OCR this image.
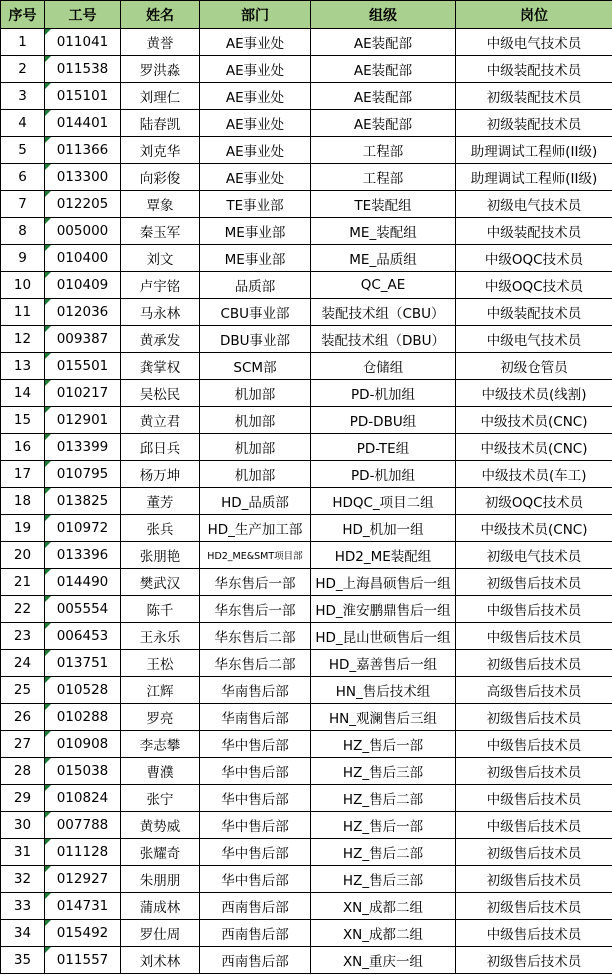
序号	工号	姓名	部门	组级	岗位
1	011041	黄誉	AE事业处	AE装配部	中级电气技术员
2	011538	罗洪淼	AE事业处	AE装配部	中级装配技术员
3	015101	刘理仁	AE事业处	AE装配部	初级装配技术员
4	014401	陆春凯	AE事业处	AE装配部	初级装配技术员
5	011366	刘克华	AE事业处	工程部	助理调试工程师(II级)
6	013300	向彩俊	AE事业处	工程部	助理调试工程师(II级)
7	012205	覃象	TE事业部	TE装配组	初级电气技术员
8	005000	秦玉军	ME事业部	ME_装配组	中级装配技术员
9	010400	刘文	ME事业部	ME_品质组	中级OQC技术员
10	010409	卢宇铭	品质部	QC_AE	中级OQC技术员
11	012036	马永林	CBU事业部	装配技术组（CBU）	中级装配技术员
12	009387	黄承发	DBU事业部	装配技术组（DBU）	中级电气技术员
13	015501	龚掌权	SCM部	仓储组	初级仓管员
14	010217	吴松民	机加部	PD-机加组	中级技术员(线割)
15	012901	黄立君	机加部	PD-DBU组	中级技术员(CNC)
16	013399	邱日兵	机加部	PD-TE组	中级技术员(CNC)
17	010795	杨万坤	机加部	PD-机加组	中级技术员(车工)
18	013825	董芳	HD_品质部	HDQC_项目二组	初级OQC技术员
19	010972	张兵	HD_生产加工部	HD_机加一组	中级技术员(CNC)
20	013396	张朋艳	HD2_ME&SMT项目部	HD2_ME装配组	初级电气技术员
21	014490	樊武汉	华东售后一部	HD_上海昌硕售后一组	初级售后技术员
22	005554	陈千	华东售后一部	HD_淮安鹏鼎售后一组	中级售后技术员
23	006453	王永乐	华东售后二部	HD_昆山世硕售后一组	中级售后技术员
24	013751	王松	华东售后二部	HD_嘉善售后一组	初级售后技术员
25	010528	江辉	华南售后部	HN_售后技术组	高级售后技术员
26	010288	罗亮	华南售后部	HN_观澜售后三组	初级售后技术员
27	010908	李志攀	华中售后部	HZ_售后一部	中级售后技术员
28	015038	曹濮	华中售后部	HZ_售后三部	初级售后技术员
29	010824	张宁	华中售后部	HZ_售后二部	中级售后技术员
30	007788	黄势威	华中售后部	HZ_售后一部	中级售后技术员
31	011128	张耀奇	华中售后部	HZ_售后二部	初级售后技术员
32	012927	朱朋朋	华中售后部	HZ_售后三部	初级售后技术员
33	014731	蒲成林	西南售后部	XN_成都二组	初级售后技术员
34	015492	罗仕周	西南售后部	XN_成都二组	中级售后技术员
35	011557	刘术林	西南售后部	XN_重庆一组	初级售后技术员
